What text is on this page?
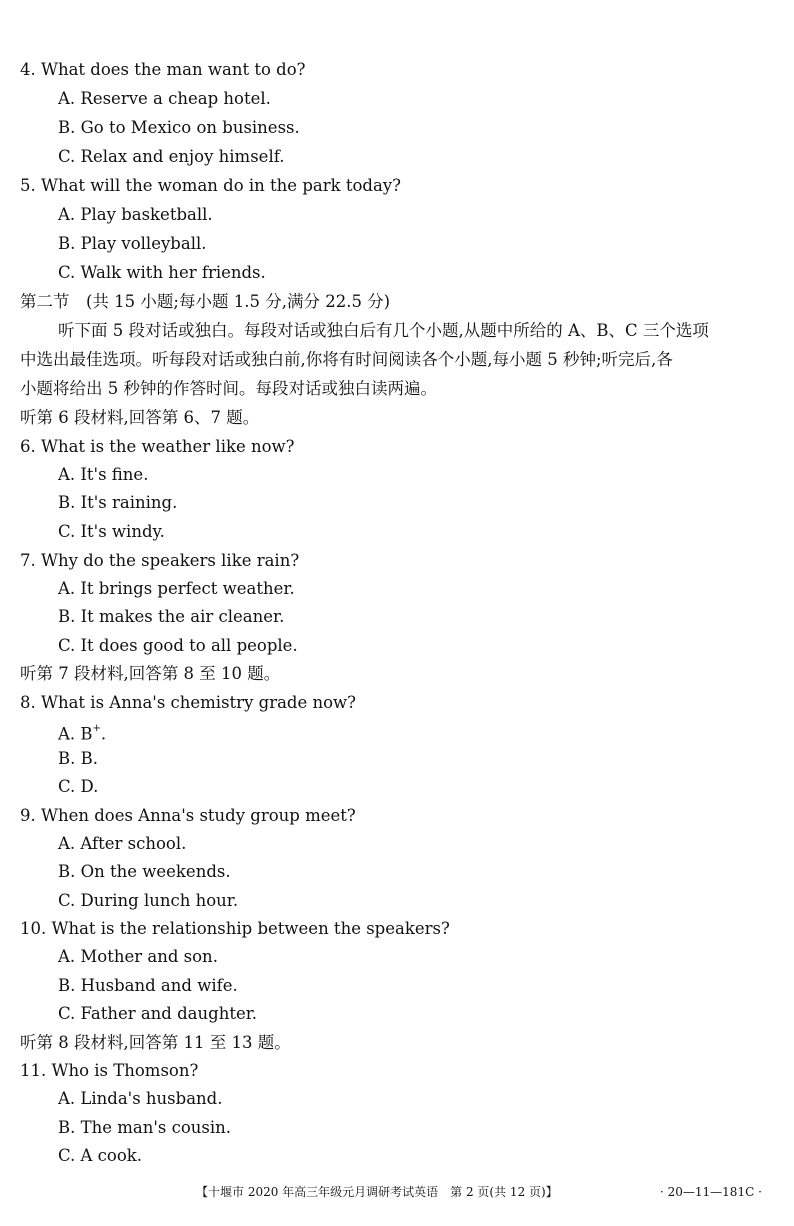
4. What does the man want to do?
A. Reserve a cheap hotel.
B. Go to Mexico on business.
C. Relax and enjoy himself.
5. What will the woman do in the park today?
A. Play basketball.
B. Play volleyball.
C. Walk with her friends.
第二节　(共 15 小题;每小题 1.5 分,满分 22.5 分)
听下面 5 段对话或独白。每段对话或独白后有几个小题,从题中所给的 A、B、C 三个选项
中选出最佳选项。听每段对话或独白前,你将有时间阅读各个小题,每小题 5 秒钟;听完后,各
小题将给出 5 秒钟的作答时间。每段对话或独白读两遍。
听第 6 段材料,回答第 6、7 题。
6. What is the weather like now?
A. It's fine.
B. It's raining.
C. It's windy.
7. Why do the speakers like rain?
A. It brings perfect weather.
B. It makes the air cleaner.
C. It does good to all people.
听第 7 段材料,回答第 8 至 10 题。
8. What is Anna's chemistry grade now?
A. B+.
B. B.
C. D.
9. When does Anna's study group meet?
A. After school.
B. On the weekends.
C. During lunch hour.
10. What is the relationship between the speakers?
A. Mother and son.
B. Husband and wife.
C. Father and daughter.
听第 8 段材料,回答第 11 至 13 题。
11. Who is Thomson?
A. Linda's husband.
B. The man's cousin.
C. A cook.
【十堰市 2020 年高三年级元月调研考试英语　第 2 页(共 12 页)】	· 20—11—181C ·
